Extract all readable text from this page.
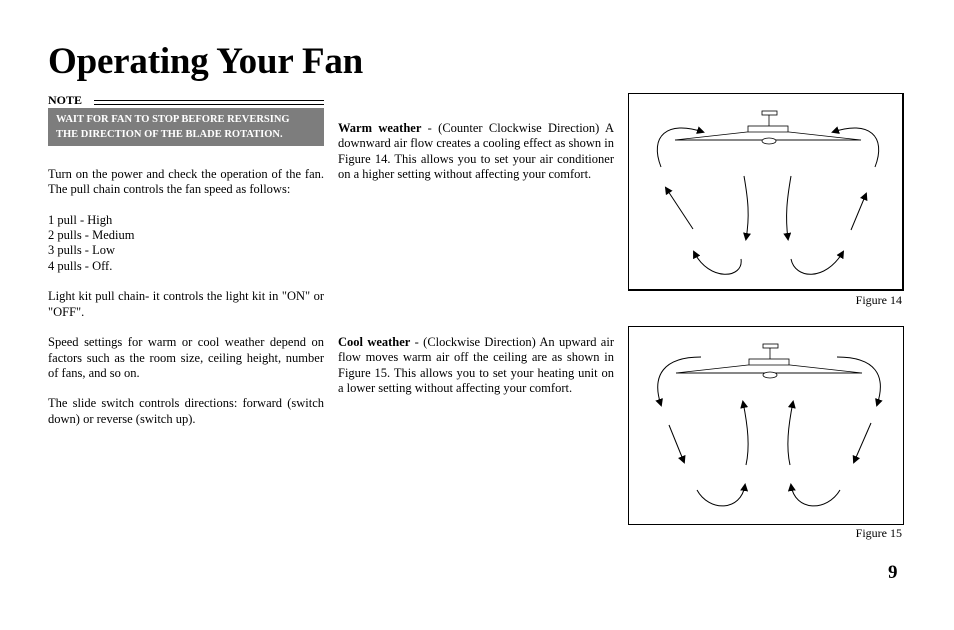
Operating Your Fan
NOTE
WAIT FOR FAN TO STOP BEFORE REVERSING
THE DIRECTION OF THE BLADE ROTATION.

Turn on the power and check the operation of the fan. The pull chain controls the fan speed as follows:

1 pull - High
2 pulls - Medium
3 pulls - Low
4 pulls - Off.

Light kit pull chain- it controls the light kit in "ON" or "OFF".

Speed settings for warm or cool weather depend on factors such as the room size, ceiling height, number of fans, and so on.

The slide switch controls directions: forward (switch down) or reverse (switch up).

Warm weather - (Counter Clockwise Direction) A downward air flow creates a cooling effect as shown in Figure 14. This allows you to set your air conditioner on a higher setting without affecting your comfort.

Cool weather - (Clockwise Direction) An upward air flow moves warm air off the ceiling are as shown in Figure 15. This allows you to set your heating unit on a lower setting without affecting your comfort.

Figure 14
Figure 15
9
